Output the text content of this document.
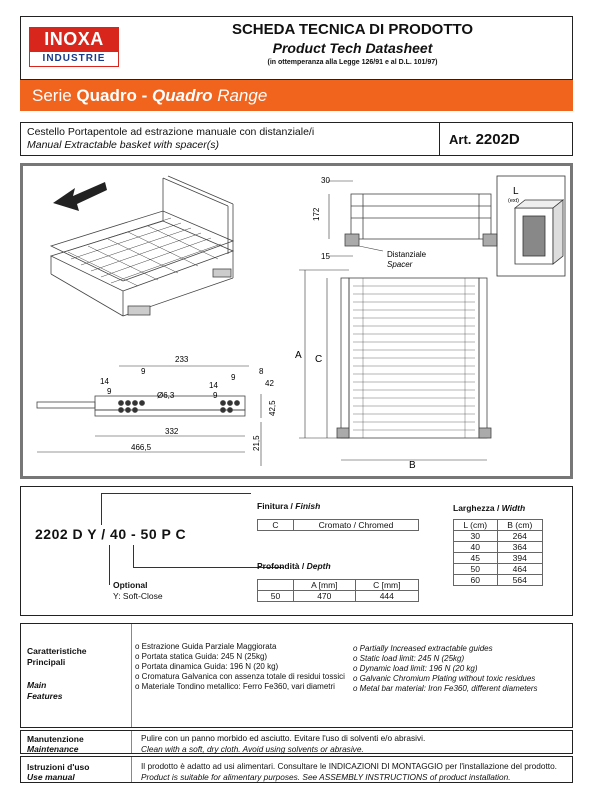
INOXA
INDUSTRIE
SCHEDA TECNICA DI PRODOTTO
Product Tech Datasheet
(in ottemperanza alla Legge 126/91 e al D.L. 101/97)
Serie Quadro - Quadro Range
Cestello Portapentole ad estrazione manuale con distanziale/i
Manual Extractable basket with spacer(s)	Art. 2202D
30
172
15	Distanziale
Spacer
L
(ext)
A C
B
233
9
14
9	Ø6,3
14
9
8
9
42
42,5
332
466,5	21,5
2202 D Y / 40 - 50 P C
Finitura / Finish
C	Cromato / Chromed
Profondità / Depth
	A [mm]	C [mm]
50	470	444
Optional
Y: Soft-Close
Larghezza / Width
L (cm)	B (cm)
30	264
40	364
45	394
50	464
60	564
Caratteristiche
Principali
Main
Features
o Estrazione Guida Parziale Maggiorata
o Portata statica Guida: 245 N (25kg)
o Portata dinamica Guida: 196 N (20 kg)
o Cromatura Galvanica con assenza totale di residui tossici
o Materiale Tondino metallico: Ferro Fe360, vari diametri
o Partially Increased extractable guides
o Static load limit: 245 N (25kg)
o Dynamic load limit: 196 N (20 kg)
o Galvanic Chromium Plating without toxic residues
o Metal bar material: Iron Fe360, different diameters
Manutenzione
Maintenance
Pulire con un panno morbido ed asciutto. Evitare l'uso di solventi e/o abrasivi.
Clean with a soft, dry cloth. Avoid using solvents or abrasive.
Istruzioni d'uso
Use manual
Il prodotto è adatto ad usi alimentari. Consultare le INDICAZIONI DI MONTAGGIO per l'installazione del prodotto.
Product is suitable for alimentary purposes. See ASSEMBLY INSTRUCTIONS of product installation.
